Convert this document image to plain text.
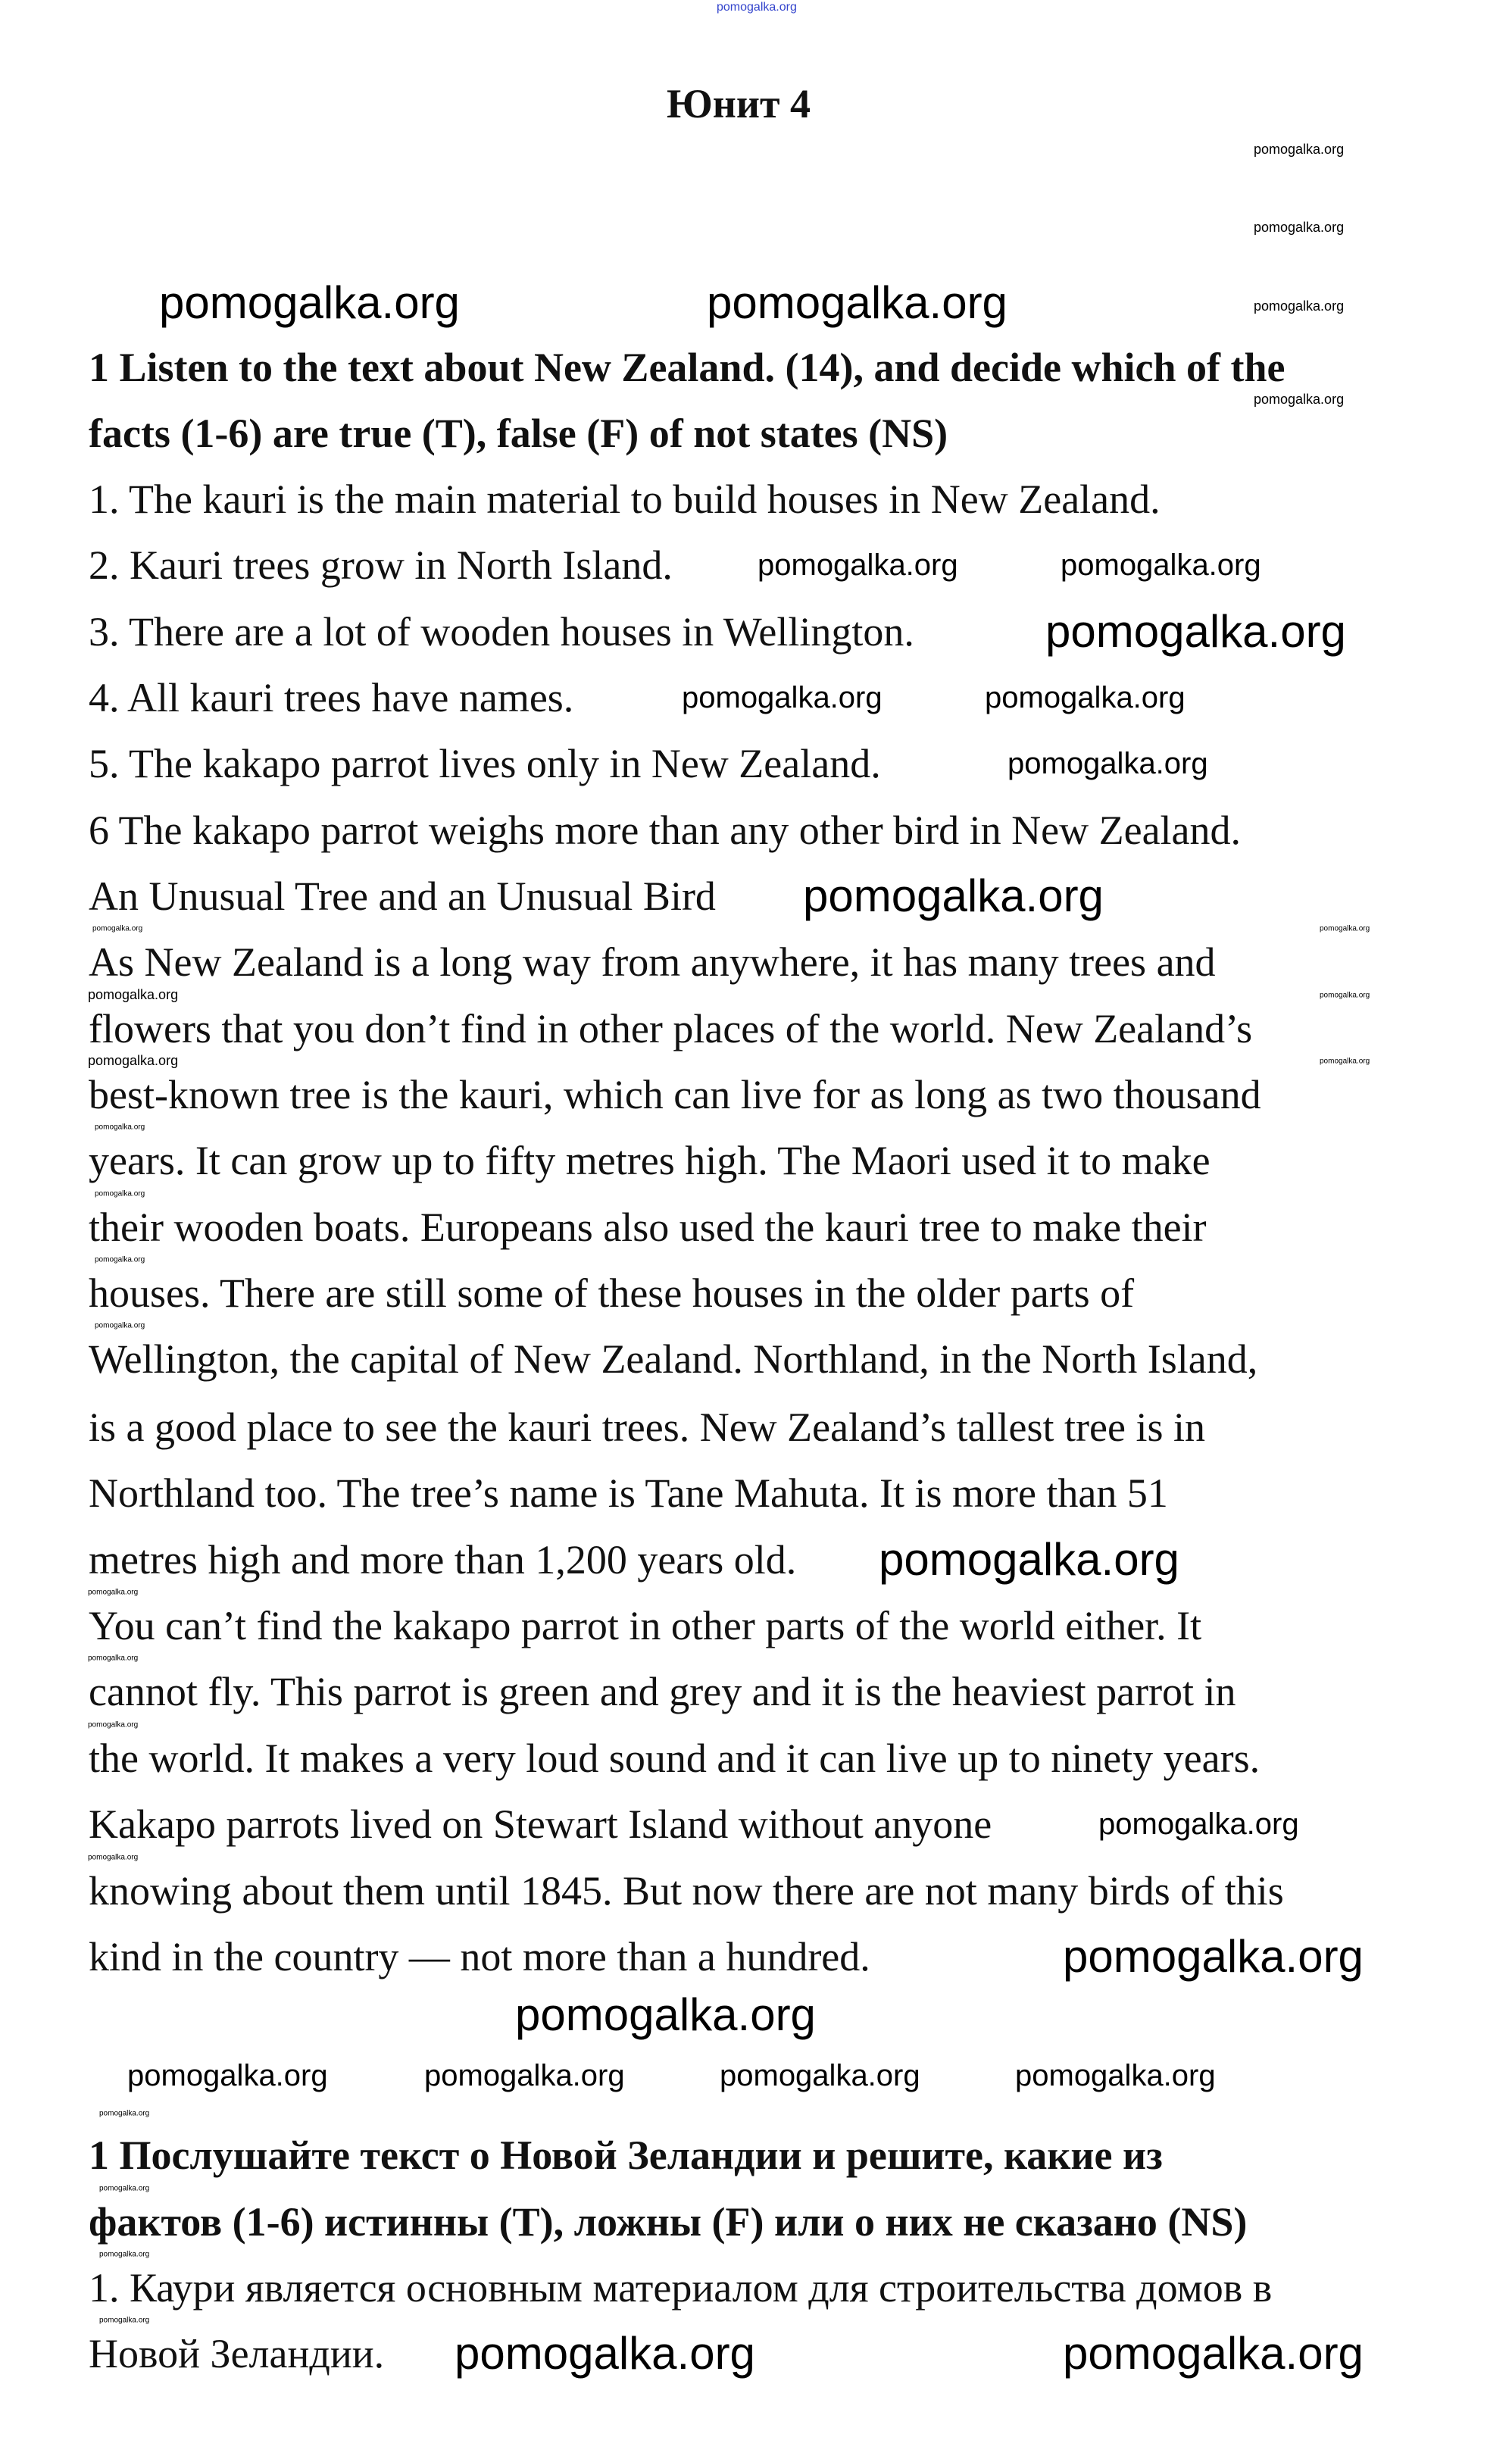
Юнит 4
1 Listen to the text about New Zealand. (14), and decide which of the
facts (1-6) are true (T), false (F) of not states (NS)
1. The kauri is the main material to build houses in New Zealand.
2. Kauri trees grow in North Island.
3. There are a lot of wooden houses in Wellington.
4. All kauri trees have names.
5. The kakapo parrot lives only in New Zealand.
6 The kakapo parrot weighs more than any other bird in New Zealand.
An Unusual Tree and an Unusual Bird
As New Zealand is a long way from anywhere, it has many trees and
flowers that you don’t find in other places of the world. New Zealand’s
best-known tree is the kauri, which can live for as long as two thousand
years. It can grow up to fifty metres high. The Maori used it to make
their wooden boats. Europeans also used the kauri tree to make their
houses. There are still some of these houses in the older parts of
Wellington, the capital of New Zealand. Northland, in the North Island,
is a good place to see the kauri trees. New Zealand’s tallest tree is in
Northland too. The tree’s name is Tane Mahuta. It is more than 51
metres high and more than 1,200 years old.
You can’t find the kakapo parrot in other parts of the world either. It
cannot fly. This parrot is green and grey and it is the heaviest parrot in
the world. It makes a very loud sound and it can live up to ninety years.
Kakapo parrots lived on Stewart Island without anyone
knowing about them until 1845. But now there are not many birds of this
kind in the country — not more than a hundred.
1 Послушайте текст о Новой Зеландии и решите, какие из
фактов (1-6) истинны (T), ложны (F) или о них не сказано (NS)
1. Каури является основным материалом для строительства домов в
Новой Зеландии.
pomogalka.org
pomogalka.org
pomogalka.org
pomogalka.org
pomogalka.org
pomogalka.org	pomogalka.org
pomogalka.org	pomogalka.org
pomogalka.org
pomogalka.org	pomogalka.org
pomogalka.org
pomogalka.org
pomogalka.org
pomogalka.org
pomogalka.org
pomogalka.org
pomogalka.org
pomogalka.org
pomogalka.org
pomogalka.org
pomogalka.org
pomogalka.org
pomogalka.org
pomogalka.org
pomogalka.org
pomogalka.org
pomogalka.org
pomogalka.org
pomogalka.org
pomogalka.org
pomogalka.org	pomogalka.org	pomogalka.org	pomogalka.org
pomogalka.org
pomogalka.org
pomogalka.org
pomogalka.org
pomogalka.org	pomogalka.org
